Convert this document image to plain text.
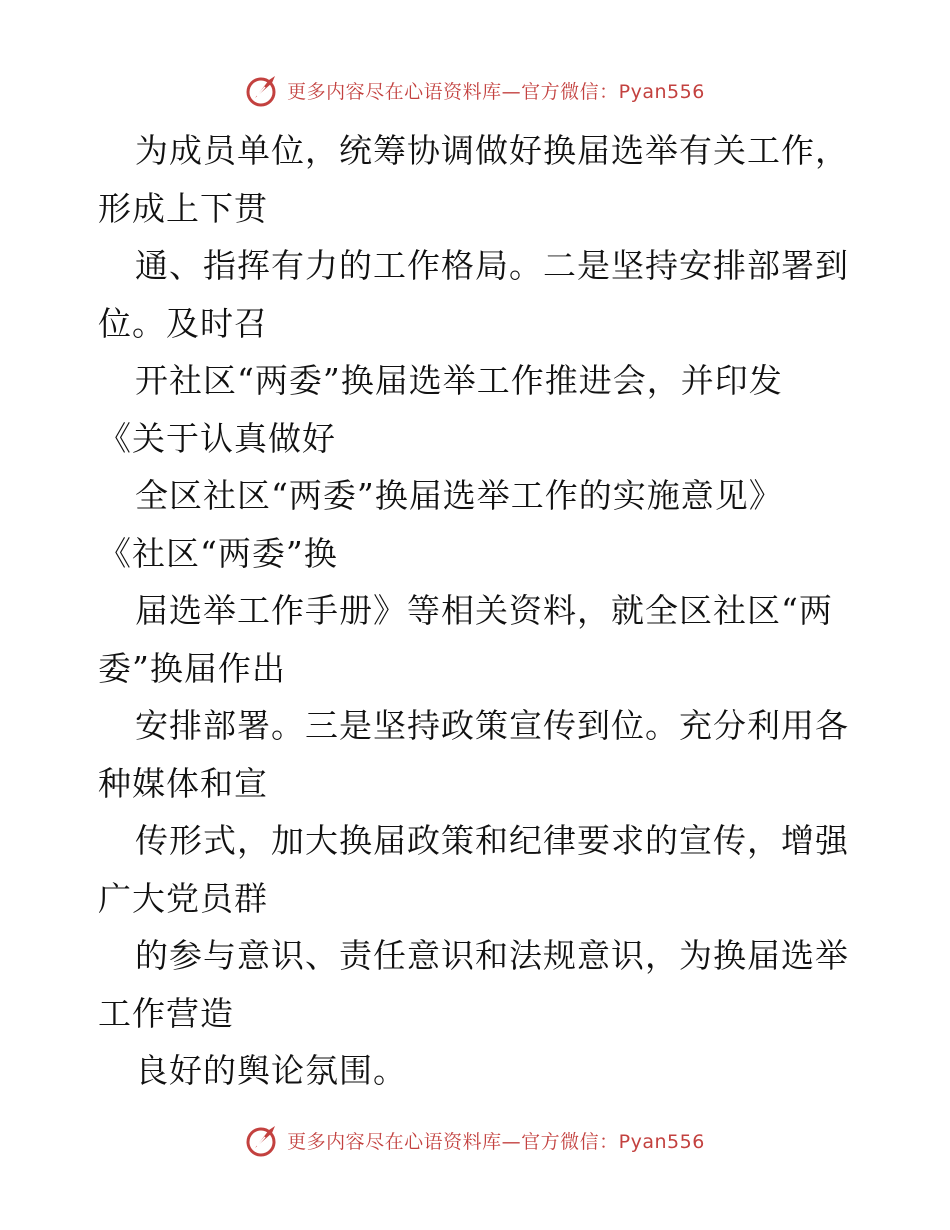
更多内容尽在心语资料库—官方微信：Pyan556
为成员单位，统筹协调做好换届选举有关工作，
形成上下贯
通、指挥有力的工作格局。二是坚持安排部署到
位。及时召
开社区“两委”换届选举工作推进会，并印发
《关于认真做好
全区社区“两委”换届选举工作的实施意见》
《社区“两委”换
届选举工作手册》等相关资料，就全区社区“两
委”换届作出
安排部署。三是坚持政策宣传到位。充分利用各
种媒体和宣
传形式，加大换届政策和纪律要求的宣传，增强
广大党员群
的参与意识、责任意识和法规意识，为换届选举
工作营造
良好的舆论氛围。
更多内容尽在心语资料库—官方微信：Pyan556
